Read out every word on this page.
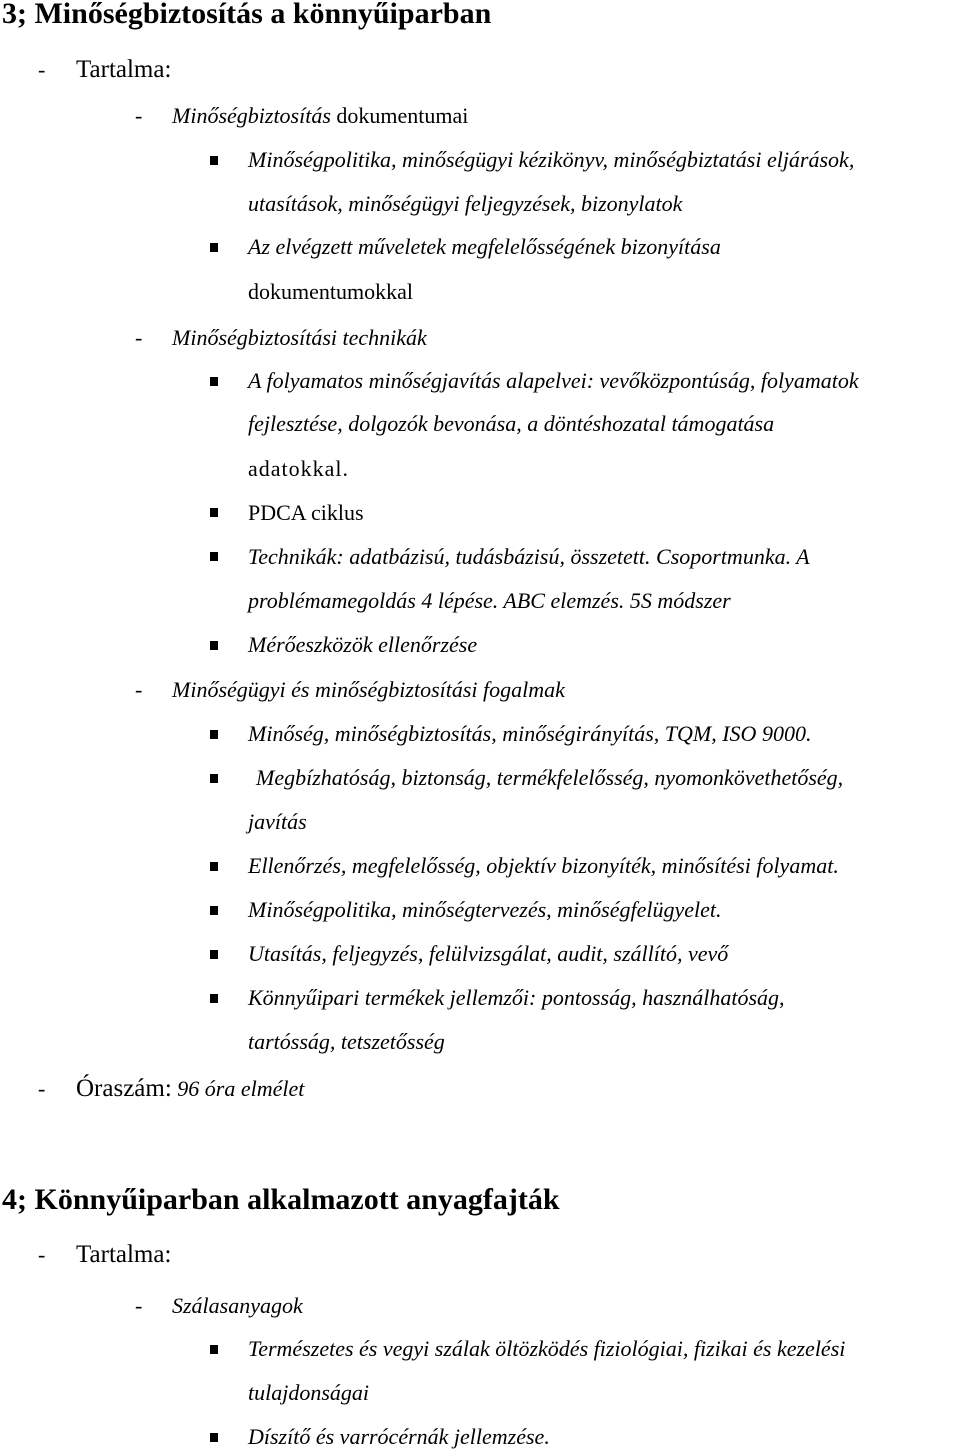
3; Minőségbiztosítás a könnyűiparban
- Tartalma:
- Minőségbiztosítás dokumentumai
Minőségpolitika, minőségügyi kézikönyv, minőségbiztatási eljárások,
utasítások, minőségügyi feljegyzések, bizonylatok
Az elvégzett műveletek megfelelősségének bizonyítása
dokumentumokkal
- Minőségbiztosítási technikák
A folyamatos minőségjavítás alapelvei: vevőközpontúság, folyamatok
fejlesztése, dolgozók bevonása, a döntéshozatal támogatása
adatokkal.
PDCA ciklus
Technikák: adatbázisú, tudásbázisú, összetett. Csoportmunka. A
problémamegoldás 4 lépése. ABC elemzés. 5S módszer
Mérőeszközök ellenőrzése
- Minőségügyi és minőségbiztosítási fogalmak
Minőség, minőségbiztosítás, minőségirányítás, TQM, ISO 9000.
Megbízhatóság, biztonság, termékfelelősség, nyomonkövethetőség,
javítás
Ellenőrzés, megfelelősség, objektív bizonyíték, minősítési folyamat.
Minőségpolitika, minőségtervezés, minőségfelügyelet.
Utasítás, feljegyzés, felülvizsgálat, audit, szállító, vevő
Könnyűipari termékek jellemzői: pontosság, használhatóság,
tartósság, tetszetősség
- Óraszám: 96 óra elmélet
4; Könnyűiparban alkalmazott anyagfajták
- Tartalma:
- Szálasanyagok
Természetes és vegyi szálak öltözködés fiziológiai, fizikai és kezelési
tulajdonságai
Díszítő és varrócérnák jellemzése.
